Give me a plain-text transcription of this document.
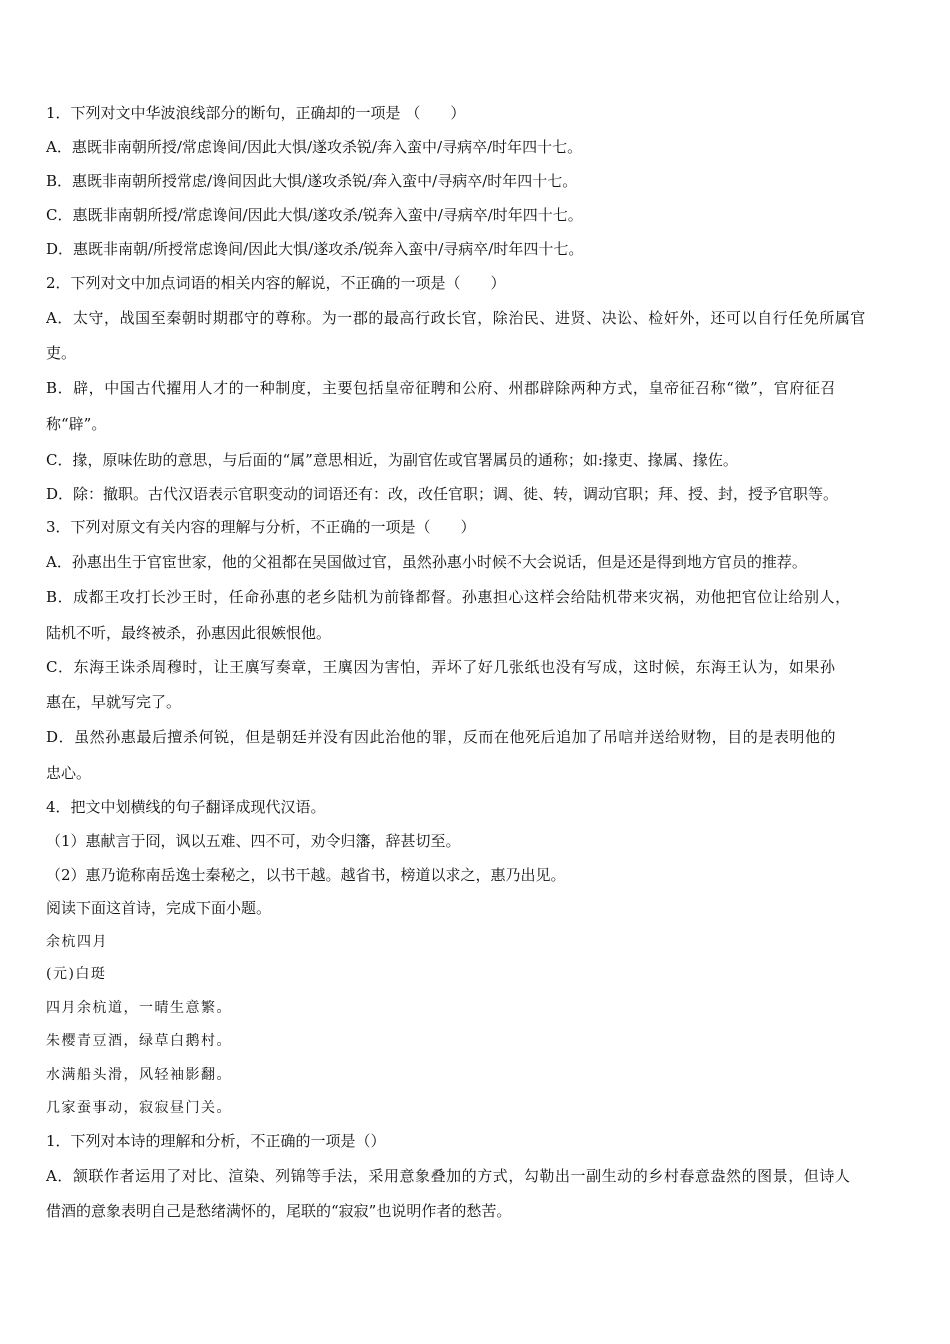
1．下列对文中华波浪线部分的断句，正确却的一项是 （　　）
A．惠既非南朝所授/常虑谗间/因此大惧/遂攻杀锐/奔入蛮中/寻病卒/时年四十七。
B．惠既非南朝所授常虑/谗间因此大惧/遂攻杀锐/奔入蛮中/寻病卒/时年四十七。
C．惠既非南朝所授/常虑谗间/因此大惧/遂攻杀/锐奔入蛮中/寻病卒/时年四十七。
D．惠既非南朝/所授常虑谗间/因此大惧/遂攻杀/锐奔入蛮中/寻病卒/时年四十七。
2．下列对文中加点词语的相关内容的解说，不正确的一项是（　　）
A．太守，战国至秦朝时期郡守的尊称。为一郡的最高行政长官，除治民、进贤、决讼、检奸外，还可以自行任免所属官
吏。
B．辟，中国古代擢用人才的一种制度，主要包括皇帝征聘和公府、州郡辟除两种方式，皇帝征召称“徵”，官府征召
称“辟”。
C．掾，原味佐助的意思，与后面的“属”意思相近，为副官佐或官署属员的通称；如:掾吏、掾属、掾佐。
D．除：撤职。古代汉语表示官职变动的词语还有：改，改任官职；调、徙、转，调动官职；拜、授、封，授予官职等。
3．下列对原文有关内容的理解与分析，不正确的一项是（　　）
A．孙惠出生于官宦世家，他的父祖都在吴国做过官，虽然孙惠小时候不大会说话，但是还是得到地方官员的推荐。
B．成都王攻打长沙王时，任命孙惠的老乡陆机为前锋都督。孙惠担心这样会给陆机带来灾祸，劝他把官位让给别人，
陆机不听，最终被杀，孙惠因此很嫉恨他。
C．东海王诛杀周穆时，让王廙写奏章，王廙因为害怕，弄坏了好几张纸也没有写成，这时候，东海王认为，如果孙
惠在，早就写完了。
D．虽然孙惠最后擅杀何锐，但是朝廷并没有因此治他的罪，反而在他死后追加了吊唁并送给财物，目的是表明他的
忠心。
4．把文中划横线的句子翻译成现代汉语。
（1）惠献言于冏，讽以五难、四不可，劝令归籓，辞甚切至。
（2）惠乃诡称南岳逸士秦秘之，以书干越。越省书，榜道以求之，惠乃出见。
阅读下面这首诗，完成下面小题。
余杭四月
(元)白珽
四月余杭道，一晴生意繁。
朱樱青豆酒，绿草白鹅村。
水满船头滑，风轻袖影翻。
几家蚕事动，寂寂昼门关。
1．下列对本诗的理解和分析，不正确的一项是（）
A．颔联作者运用了对比、渲染、列锦等手法，采用意象叠加的方式，勾勒出一副生动的乡村春意盎然的图景，但诗人
借酒的意象表明自己是愁绪满怀的，尾联的“寂寂”也说明作者的愁苦。
